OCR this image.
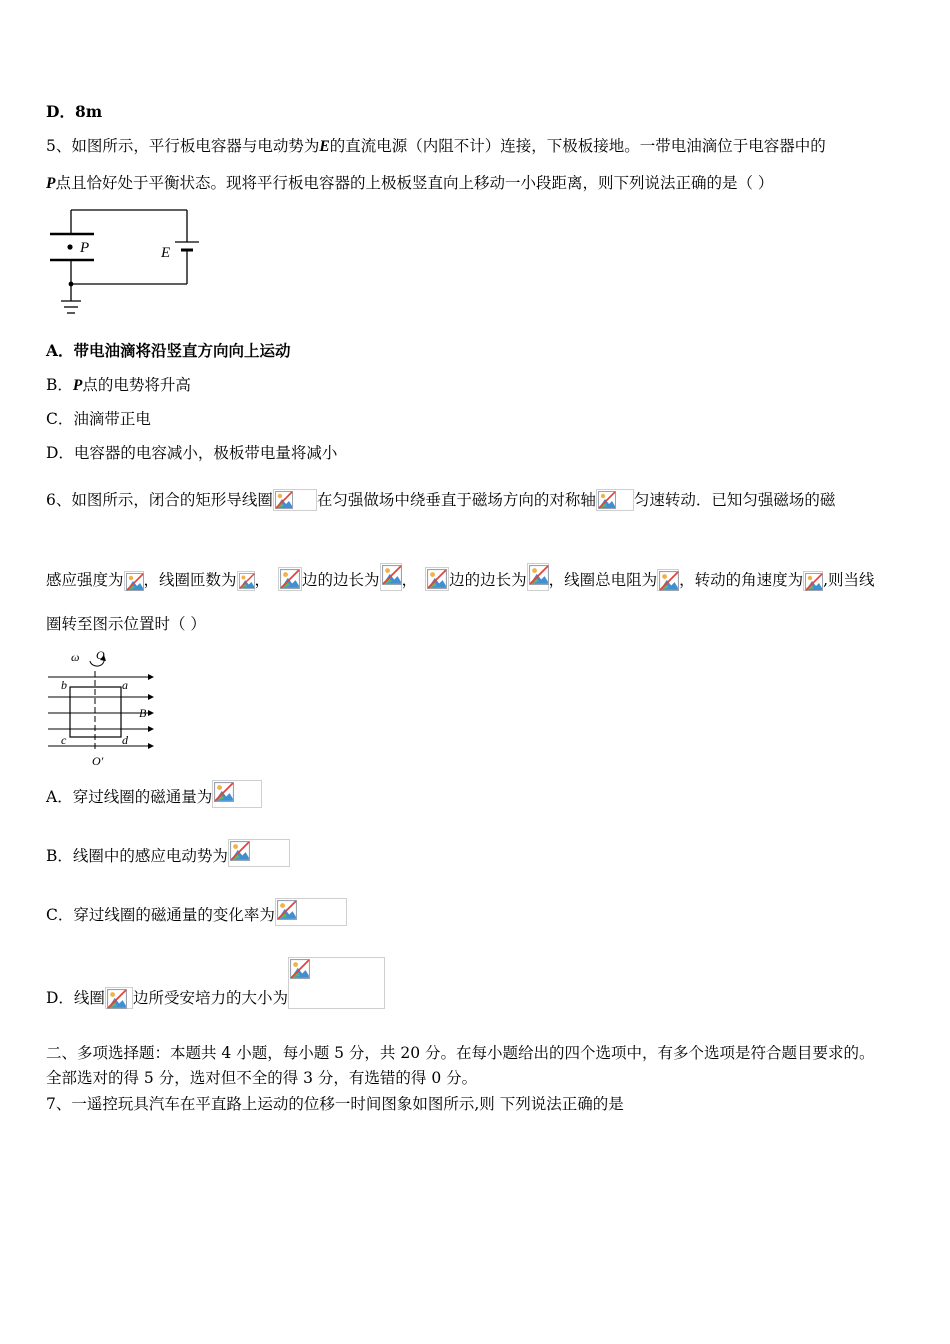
D．8m
5、如图所示，平行板电容器与电动势为E的直流电源（内阻不计）连接，下极板接地。一带电油滴位于电容器中的
P点且恰好处于平衡状态。现将平行板电容器的上极板竖直向上移动一小段距离，则下列说法正确的是（ ）
P	E
A．带电油滴将沿竖直方向向上运动
B．P点的电势将升高
C．油滴带正电
D．电容器的电容减小，极板带电量将减小
6、如图所示，闭合的矩形导线圈	在匀强做场中绕垂直于磁场方向的对称轴 匀速转动．已知匀强磁场的磁
感应强度为 ，线圈匝数为 ， 边的边长为 ， 边的边长为 ，线圈总电阻为 ，转动的角速度为 ,则当线
圈转至图示位置时（ ）
ω O
b	a
B
c	d
O′
A．穿过线圈的磁通量为
B．线圈中的感应电动势为
C．穿过线圈的磁通量的变化率为
D．线圈 边所受安培力的大小为
二、多项选择题：本题共 4 小题，每小题 5 分，共 20 分。在每小题给出的四个选项中，有多个选项是符合题目要求的。
全部选对的得 5 分，选对但不全的得 3 分，有选错的得 0 分。
7、一遥控玩具汽车在平直路上运动的位移一时间图象如图所示,则 下列说法正确的是
